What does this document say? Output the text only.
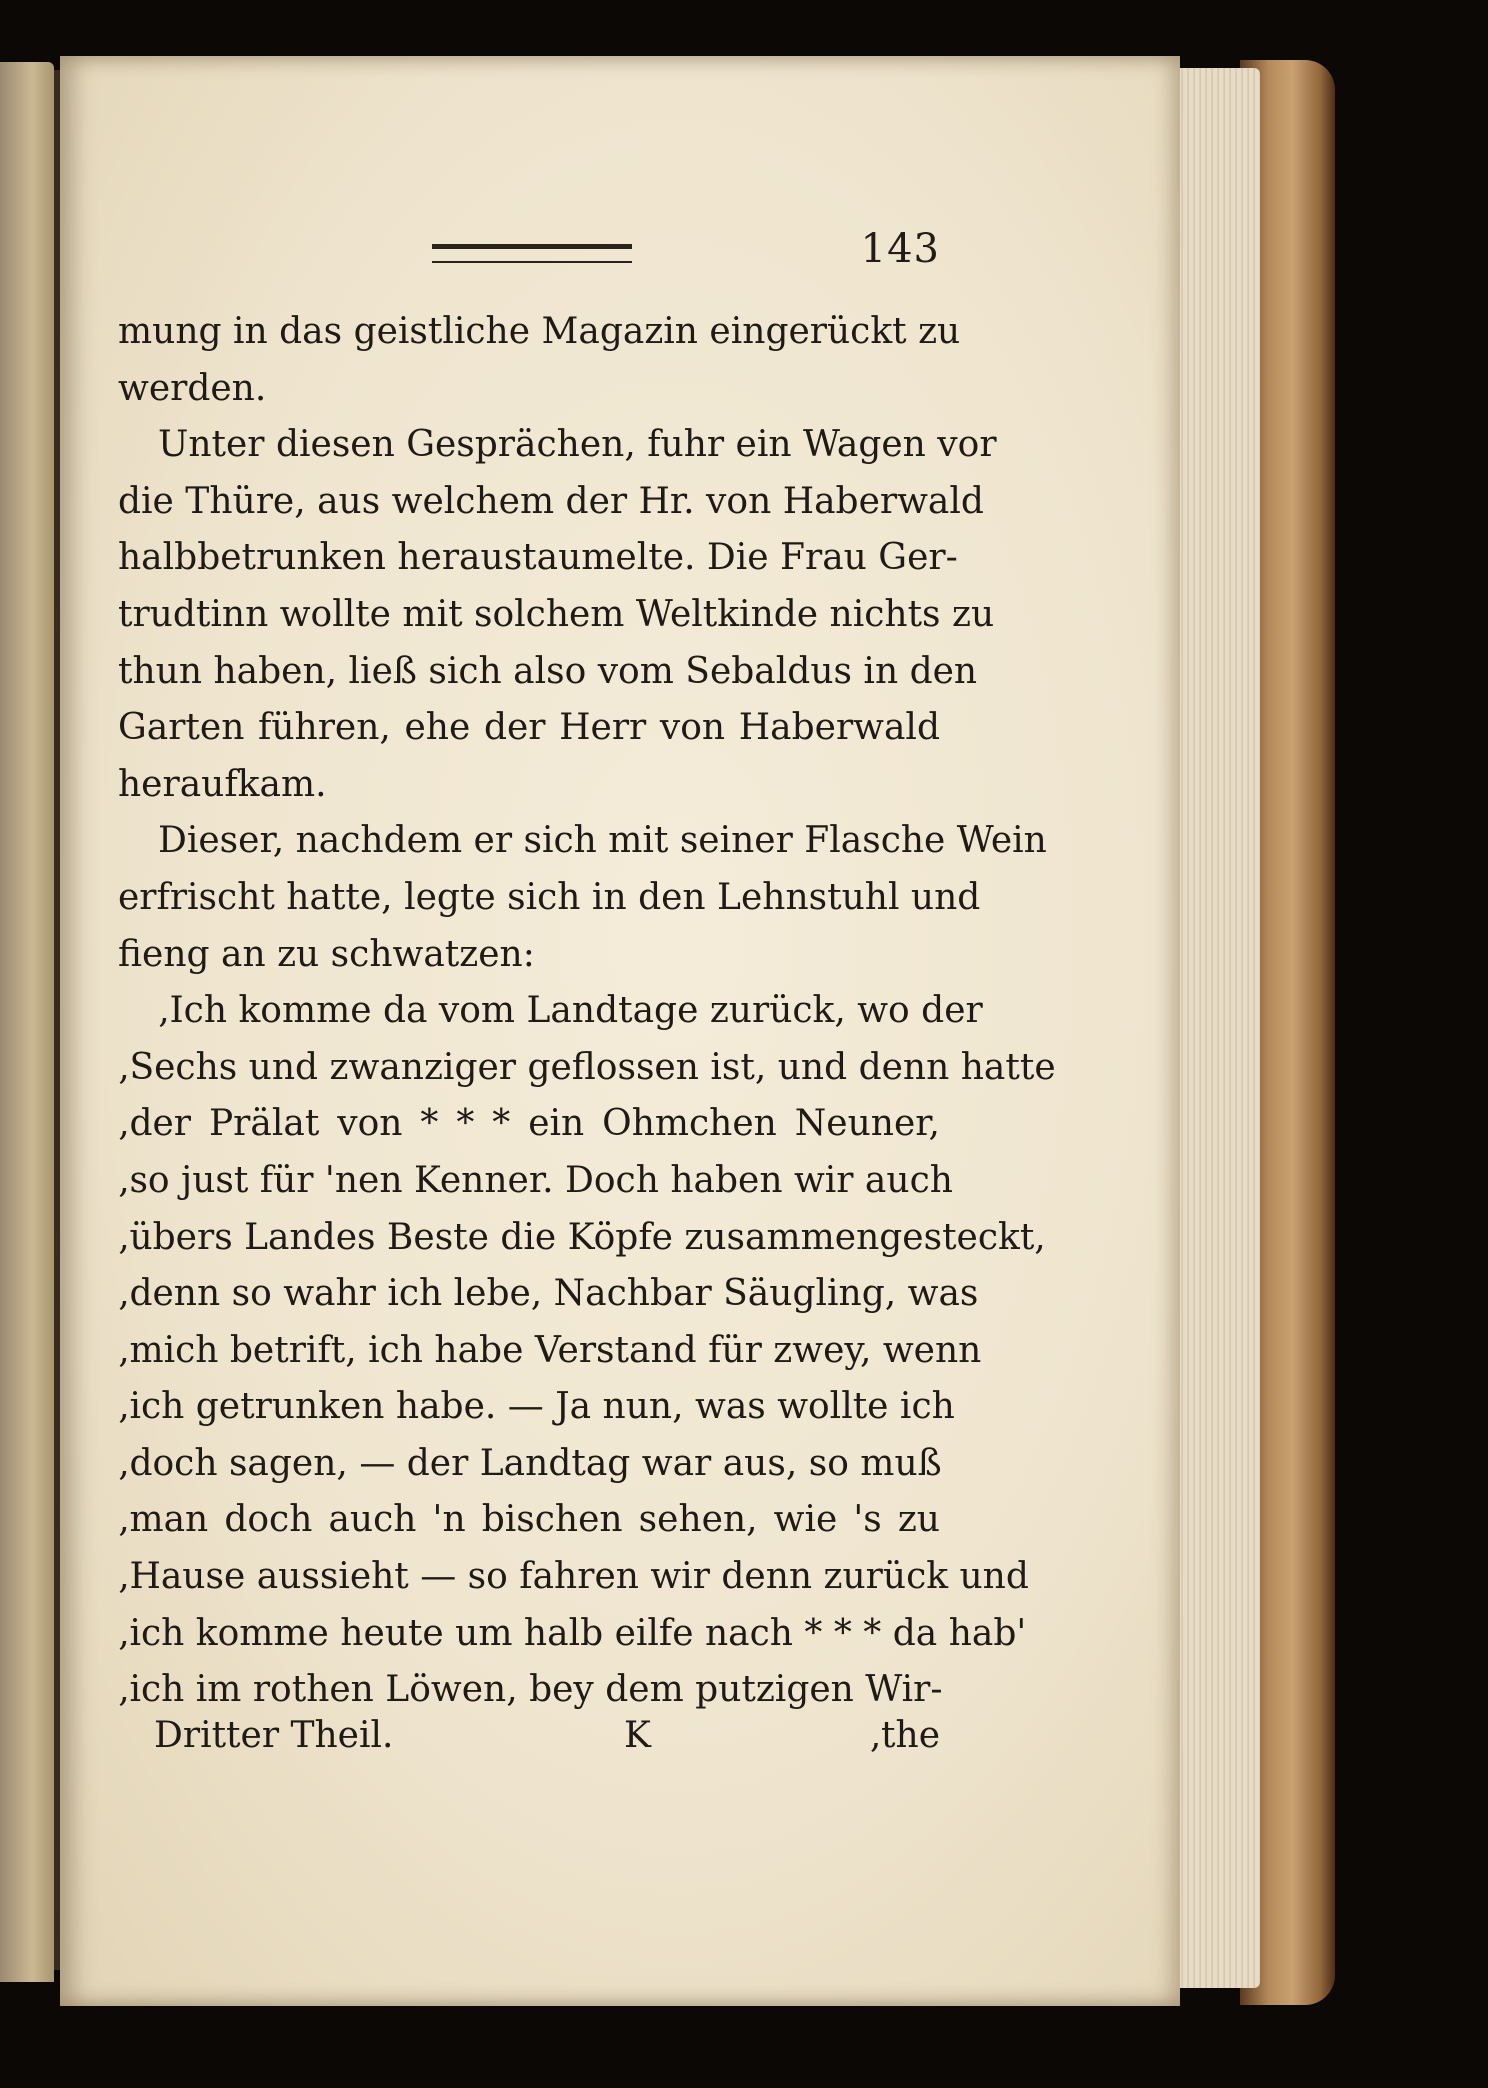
143
mung in das geistliche Magazin eingerückt zu
werden.
Unter diesen Gesprächen, fuhr ein Wagen vor
die Thüre, aus welchem der Hr. von Haberwald
halbbetrunken heraustaumelte. Die Frau Ger-
trudtinn wollte mit solchem Weltkinde nichts zu
thun haben, ließ sich also vom Sebaldus in den
Garten führen, ehe der Herr von Haberwald
heraufkam.
Dieser, nachdem er sich mit seiner Flasche Wein
erfrischt hatte, legte sich in den Lehnstuhl und
fieng an zu schwatzen:
‚Ich komme da vom Landtage zurück, wo der
‚Sechs und zwanziger geflossen ist, und denn hatte
‚der Prälat von * * * ein Ohmchen Neuner,
‚so just für 'nen Kenner. Doch haben wir auch
‚übers Landes Beste die Köpfe zusammengesteckt,
‚denn so wahr ich lebe, Nachbar Säugling, was
‚mich betrift, ich habe Verstand für zwey, wenn
‚ich getrunken habe. — Ja nun, was wollte ich
‚doch sagen, — der Landtag war aus, so muß
‚man doch auch 'n bischen sehen, wie 's zu
‚Hause aussieht — so fahren wir denn zurück und
‚ich komme heute um halb eilfe nach * * * da hab'
‚ich im rothen Löwen, bey dem putzigen Wir-
Dritter Theil.	K	‚the
